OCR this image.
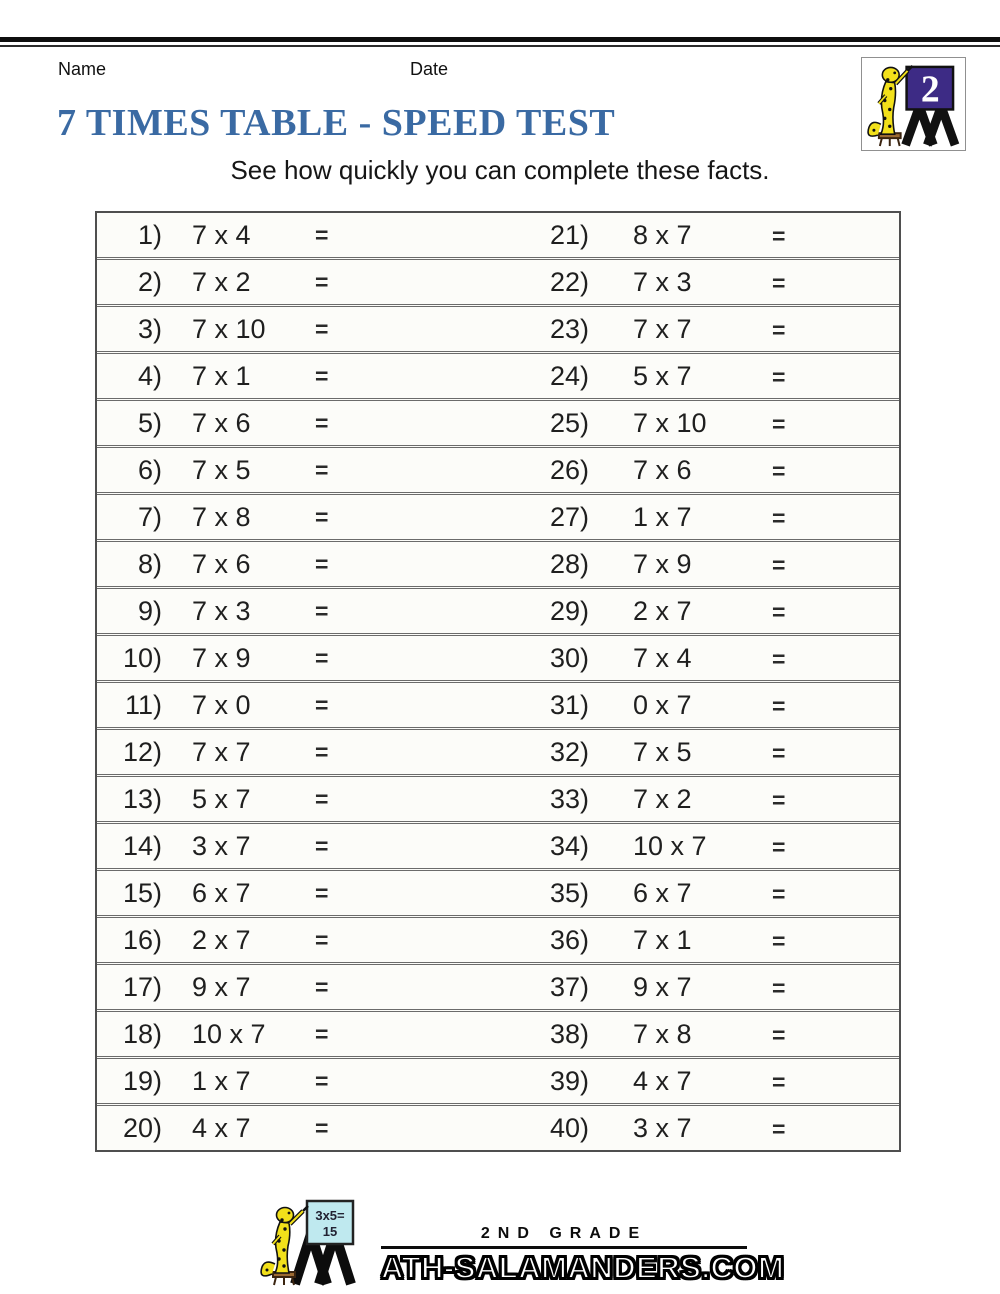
Name	Date
2
7 TIMES TABLE - SPEED TEST

See how quickly you can complete these facts.

1) 7 x 4	=	21) 8 x 7	=
2) 7 x 2	=	22) 7 x 3	=
3) 7 x 10	=	23) 7 x 7	=
4) 7 x 1	=	24) 5 x 7	=
5) 7 x 6	=	25) 7 x 10	=
6) 7 x 5	=	26) 7 x 6	=
7) 7 x 8	=	27) 1 x 7	=
8) 7 x 6	=	28) 7 x 9	=
9) 7 x 3	=	29) 2 x 7	=
10) 7 x 9	=	30) 7 x 4	=
11) 7 x 0	=	31) 0 x 7	=
12) 7 x 7	=	32) 7 x 5	=
13) 5 x 7	=	33) 7 x 2	=
14) 3 x 7	=	34) 10 x 7	=
15) 6 x 7	=	35) 6 x 7	=
16) 2 x 7	=	36) 7 x 1	=
17) 9 x 7	=	37) 9 x 7	=
18) 10 x 7	=	38) 7 x 8	=
19) 1 x 7	=	39) 4 x 7	=
20) 4 x 7	=	40) 3 x 7	=
3x5=
15	2ND GRADE

ATH-SALAMANDERS.COM
